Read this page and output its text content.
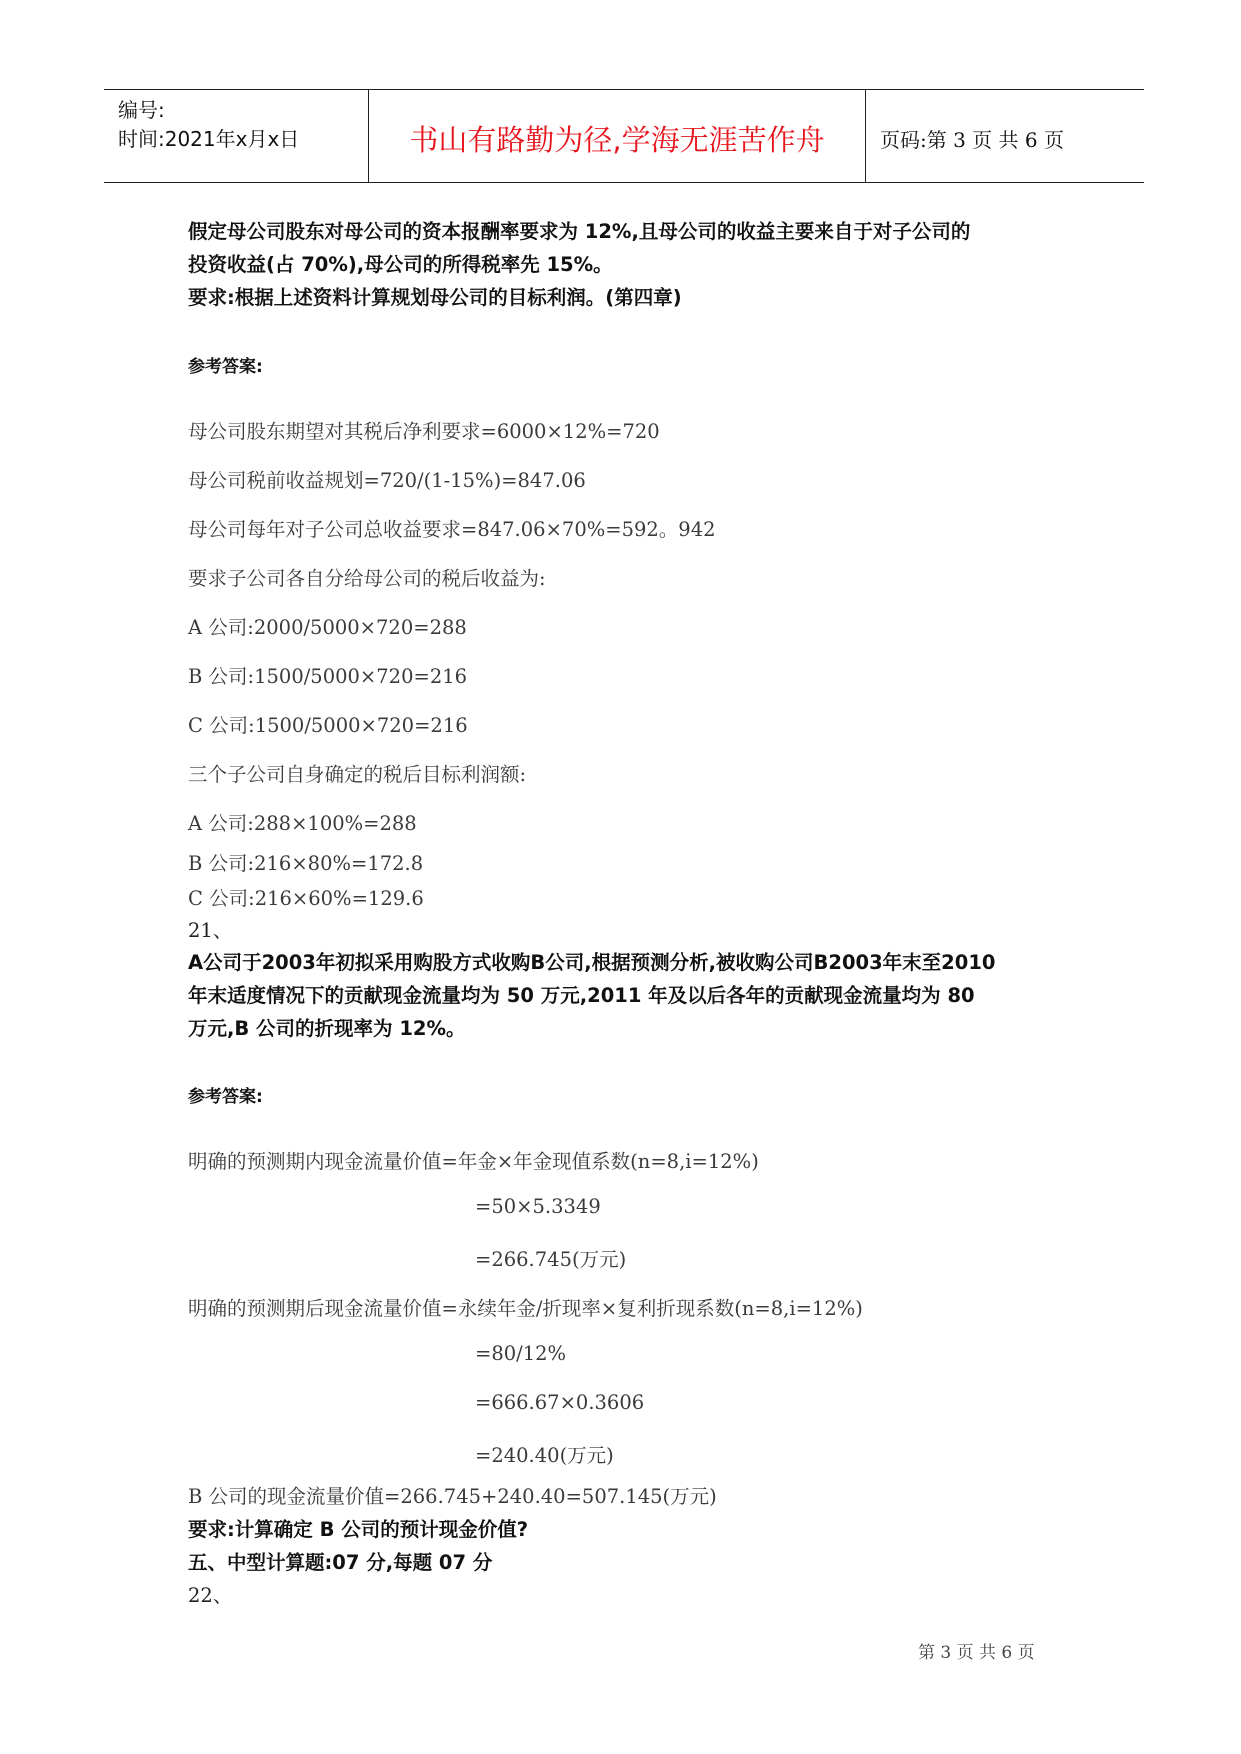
编号:
时间:2021年x月x日	书山有路勤为径,学海无涯苦作舟	页码:第 3 页 共 6 页
假定母公司股东对母公司的资本报酬率要求为 12%,且母公司的收益主要来自于对子公司的
投资收益(占 70%),母公司的所得税率先 15%。
要求:根据上述资料计算规划母公司的目标利润。(第四章)
参考答案:
母公司股东期望对其税后净利要求=6000×12%=720
母公司税前收益规划=720/(1-15%)=847.06
母公司每年对子公司总收益要求=847.06×70%=592。942
要求子公司各自分给母公司的税后收益为:
A 公司:2000/5000×720=288
B 公司:1500/5000×720=216
C 公司:1500/5000×720=216
三个子公司自身确定的税后目标利润额:
A 公司:288×100%=288
B 公司:216×80%=172.8
C 公司:216×60%=129.6
21、
A公司于2003年初拟采用购股方式收购B公司,根据预测分析,被收购公司B2003年末至2010
年末适度情况下的贡献现金流量均为 50 万元,2011 年及以后各年的贡献现金流量均为 80
万元,B 公司的折现率为 12%。
参考答案:
明确的预测期内现金流量价值=年金×年金现值系数(n=8,i=12%)
=50×5.3349
=266.745(万元)
明确的预测期后现金流量价值=永续年金/折现率×复利折现系数(n=8,i=12%)
=80/12%
=666.67×0.3606
=240.40(万元)
B 公司的现金流量价值=266.745+240.40=507.145(万元)
要求:计算确定 B 公司的预计现金价值?
五、中型计算题:07 分,每题 07 分
22、
第 3 页 共 6 页
